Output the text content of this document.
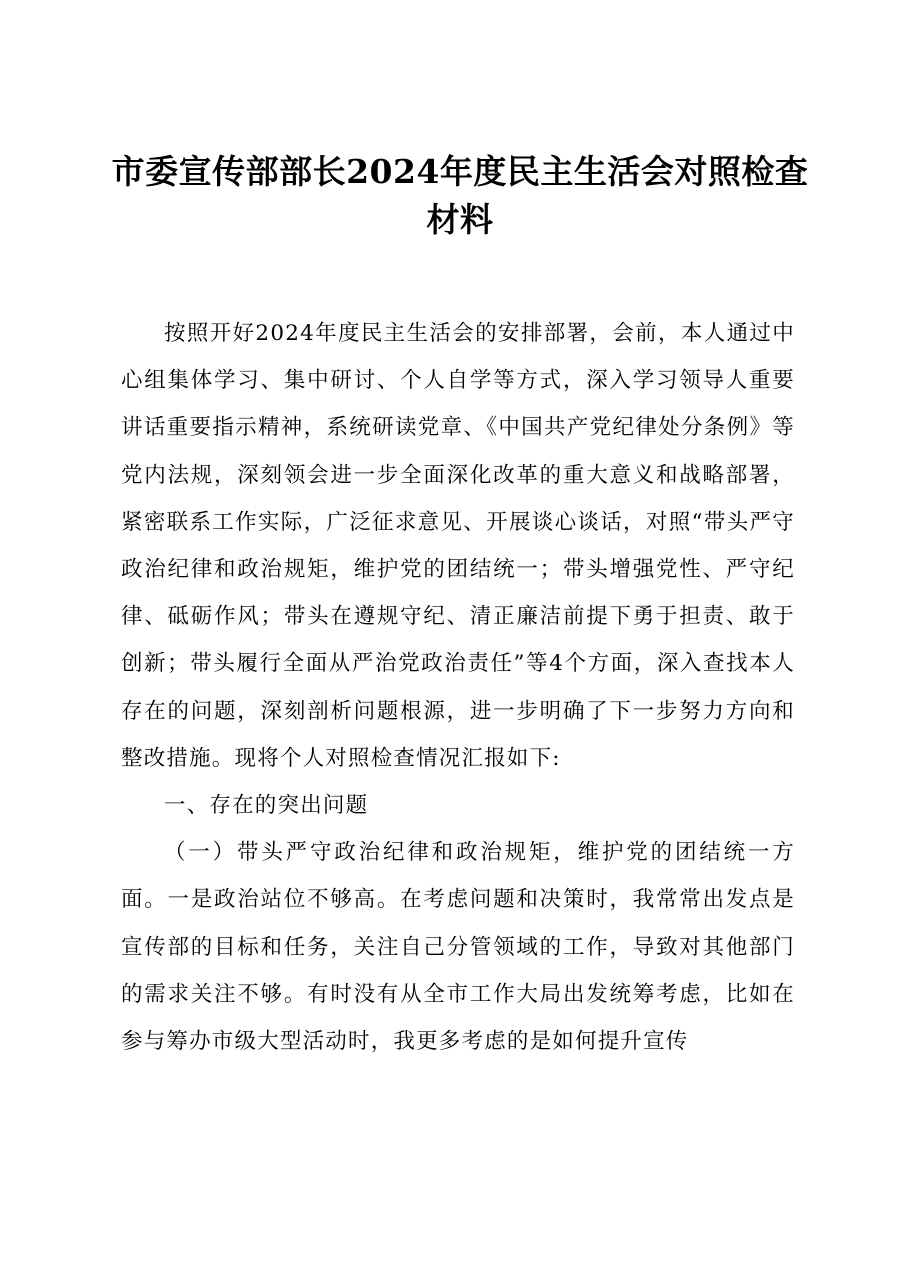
市委宣传部部长2024年度民主生活会对照检查
材料

按照开好2024年度民主生活会的安排部署，会前，本人通过中心组集体学习、集中研讨、个人自学等方式，深入学习领导人重要讲话重要指示精神，系统研读党章、《中国共产党纪律处分条例》等党内法规，深刻领会进一步全面深化改革的重大意义和战略部署，紧密联系工作实际，广泛征求意见、开展谈心谈话，对照“带头严守政治纪律和政治规矩，维护党的团结统一；带头增强党性、严守纪律、砥砺作风；带头在遵规守纪、清正廉洁前提下勇于担责、敢于创新；带头履行全面从严治党政治责任”等4个方面，深入查找本人存在的问题，深刻剖析问题根源，进一步明确了下一步努力方向和整改措施。现将个人对照检查情况汇报如下:

一、存在的突出问题

（一）带头严守政治纪律和政治规矩，维护党的团结统一方面。一是政治站位不够高。在考虑问题和决策时，我常常出发点是宣传部的目标和任务，关注自己分管领域的工作，导致对其他部门的需求关注不够。有时没有从全市工作大局出发统筹考虑，比如在参与筹办市级大型活动时，我更多考虑的是如何提升宣传
